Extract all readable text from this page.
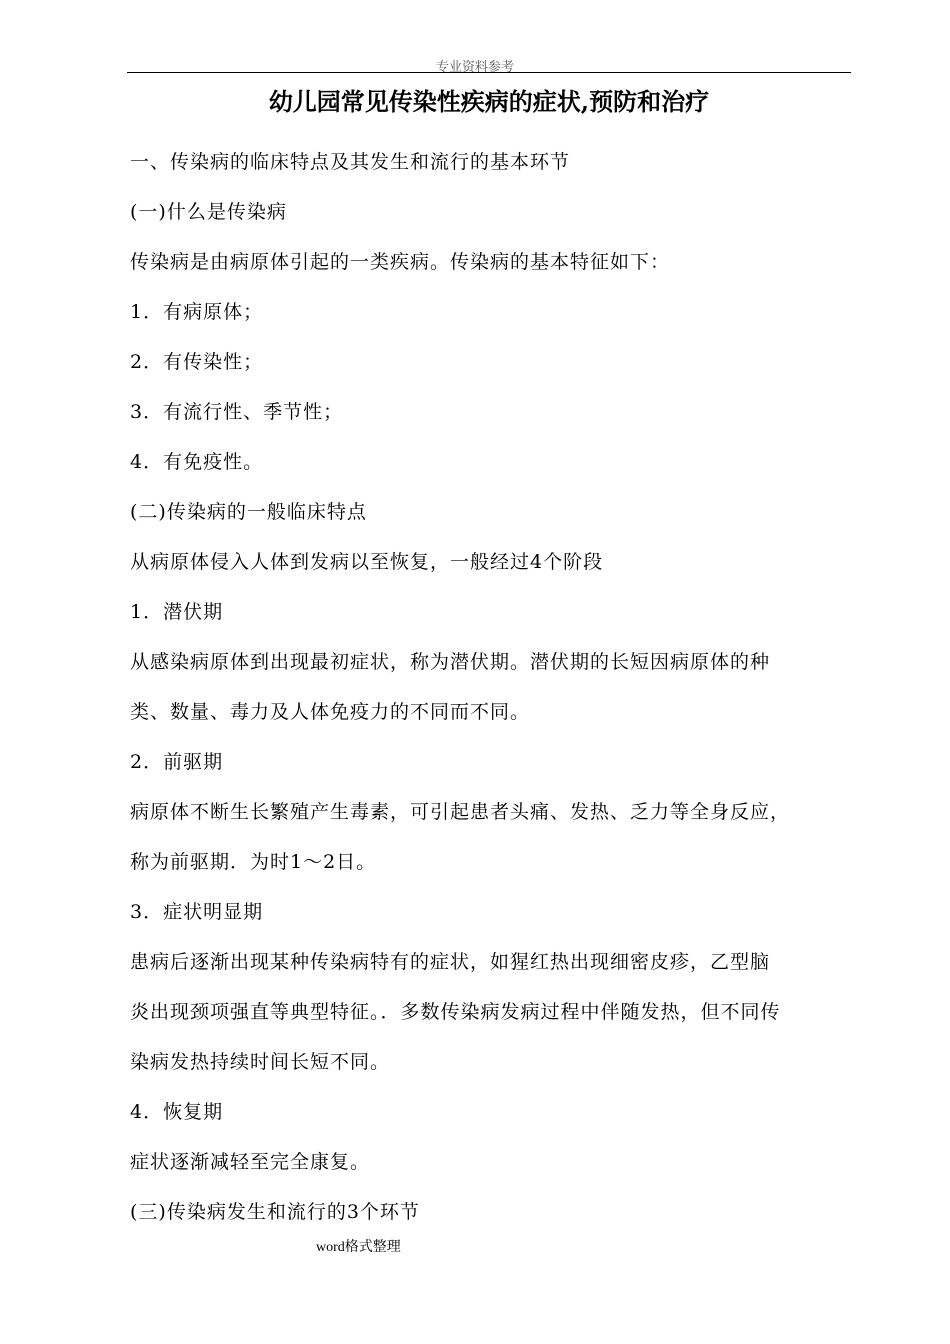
专业资料参考
幼儿园常见传染性疾病的症状,预防和治疗

一、传染病的临床特点及其发生和流行的基本环节

(一)什么是传染病

传染病是由病原体引起的一类疾病。传染病的基本特征如下：

1．有病原体；

2．有传染性；

3．有流行性、季节性；

4．有免疫性。

(二)传染病的一般临床特点

从病原体侵入人体到发病以至恢复，一般经过4个阶段

1．潜伏期

从感染病原体到出现最初症状，称为潜伏期。潜伏期的长短因病原体的种

类、数量、毒力及人体免疫力的不同而不同。

2．前驱期

病原体不断生长繁殖产生毒素，可引起患者头痛、发热、乏力等全身反应，

称为前驱期．为时1～2日。

3．症状明显期

患病后逐渐出现某种传染病特有的症状，如猩红热出现细密皮疹，乙型脑

炎出现颈项强直等典型特征。．多数传染病发病过程中伴随发热，但不同传

染病发热持续时间长短不同。

4．恢复期

症状逐渐减轻至完全康复。

(三)传染病发生和流行的3个环节

word格式整理
